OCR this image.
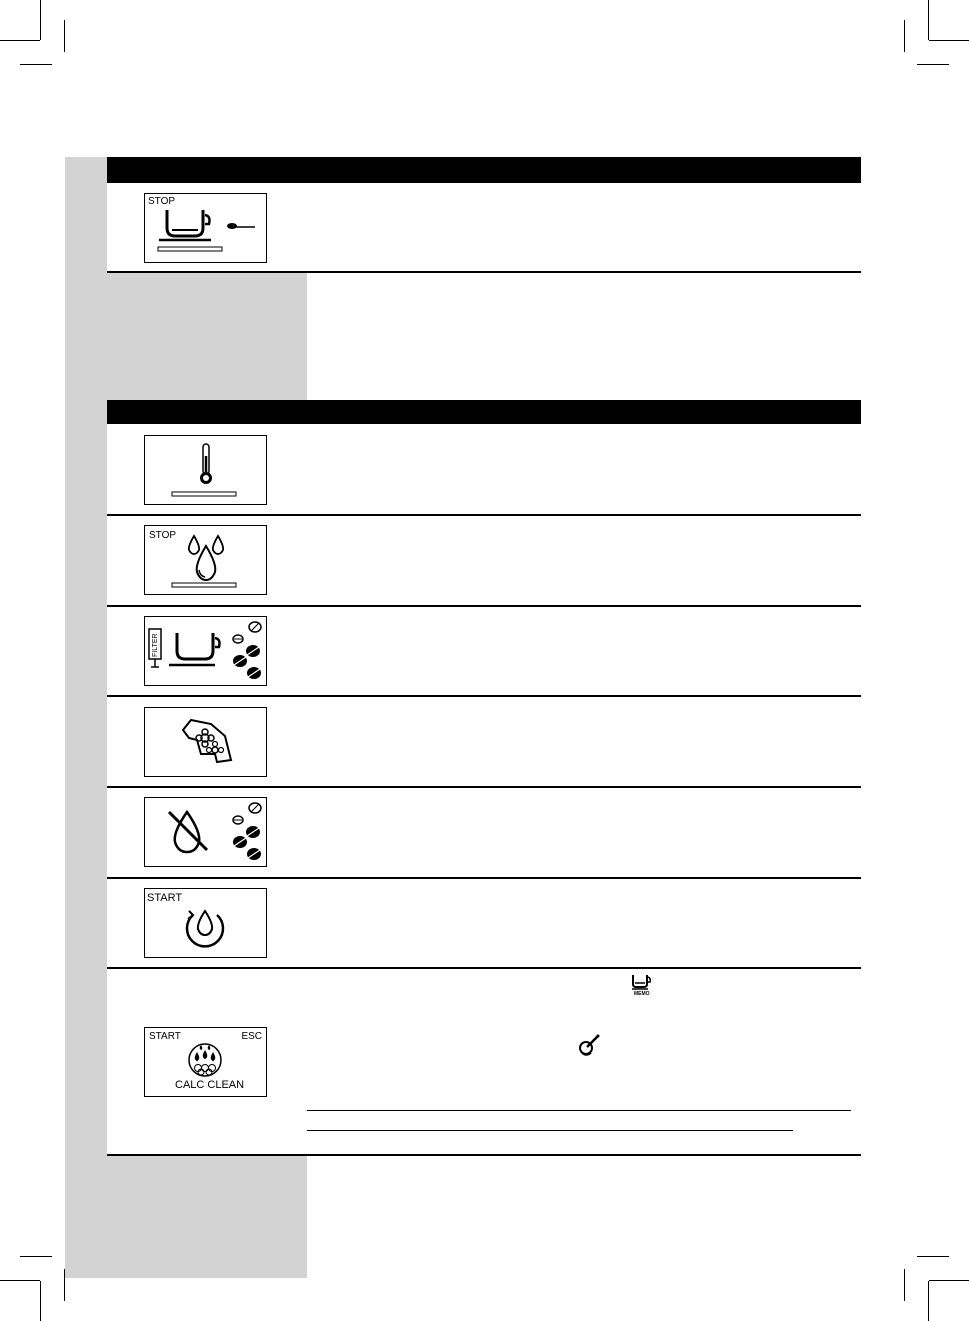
STOP
STOP
FILTER
START
START	ESC
CALC CLEAN
MEMO
